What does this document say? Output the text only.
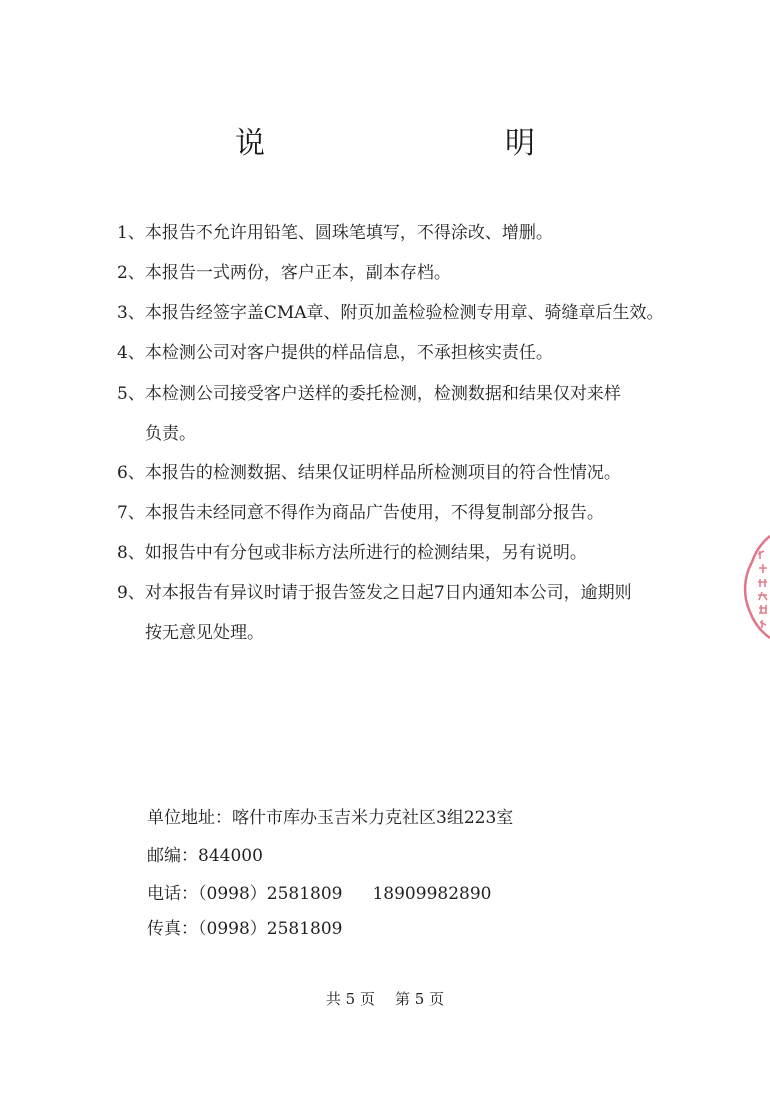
说　　明
1、本报告不允许用铅笔、圆珠笔填写，不得涂改、增删。
2、本报告一式两份，客户正本，副本存档。
3、本报告经签字盖CMA章、附页加盖检验检测专用章、骑缝章后生效。
4、本检测公司对客户提供的样品信息，不承担核实责任。
5、本检测公司接受客户送样的委托检测，检测数据和结果仅对来样
负责。
6、本报告的检测数据、结果仅证明样品所检测项目的符合性情况。
7、本报告未经同意不得作为商品广告使用，不得复制部分报告。
8、如报告中有分包或非标方法所进行的检测结果，另有说明。
9、对本报告有异议时请于报告签发之日起7日内通知本公司，逾期则
按无意见处理。
单位地址：喀什市库办玉吉米力克社区3组223室
邮编：844000
电话：（0998）2581809 18909982890
传真：（0998）2581809
共 5 页 第 5 页
